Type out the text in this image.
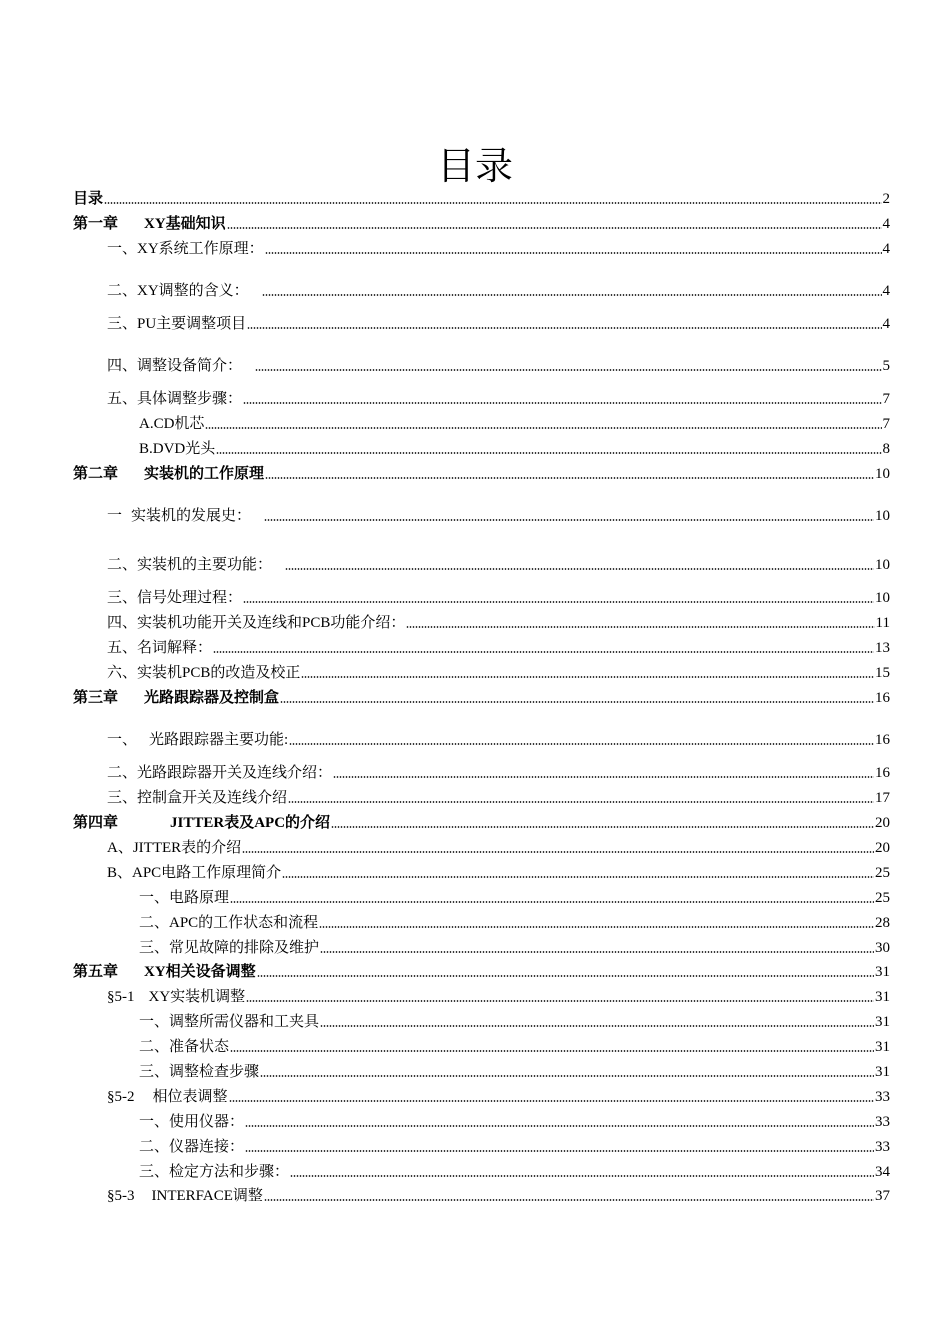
目录
目录	2
第一章 XY基础知识	4
一、XY系统工作原理：	4
二、XY调整的含义：	4
三、PU主要调整项目	4
四、调整设备简介：	5
五、具体调整步骤：	7
A.CD机芯	7
B.DVD光头	8
第二章 实装机的工作原理	10
一 实装机的发展史：	10
二、实装机的主要功能：	10
三、信号处理过程：	10
四、实装机功能开关及连线和PCB功能介绍：	11
五、名词解释：	13
六、实装机PCB的改造及校正	15
第三章 光路跟踪器及控制盒	16
一、 光路跟踪器主要功能:	16
二、光路跟踪器开关及连线介绍：	16
三、控制盒开关及连线介绍	17
第四章	JITTER表及APC的介绍	20
A、JITTER表的介绍	20
B、APC电路工作原理简介	25
一、电路原理	25
二、APC的工作状态和流程	28
三、常见故障的排除及维护	30
第五章 XY相关设备调整	31
§5-1 XY实装机调整	31
一、调整所需仪器和工夹具	31
二、准备状态	31
三、调整检查步骤	31
§5-2 相位表调整	33
一、使用仪器：	33
二、仪器连接：	33
三、检定方法和步骤：	34
§5-3 INTERFACE调整	37
